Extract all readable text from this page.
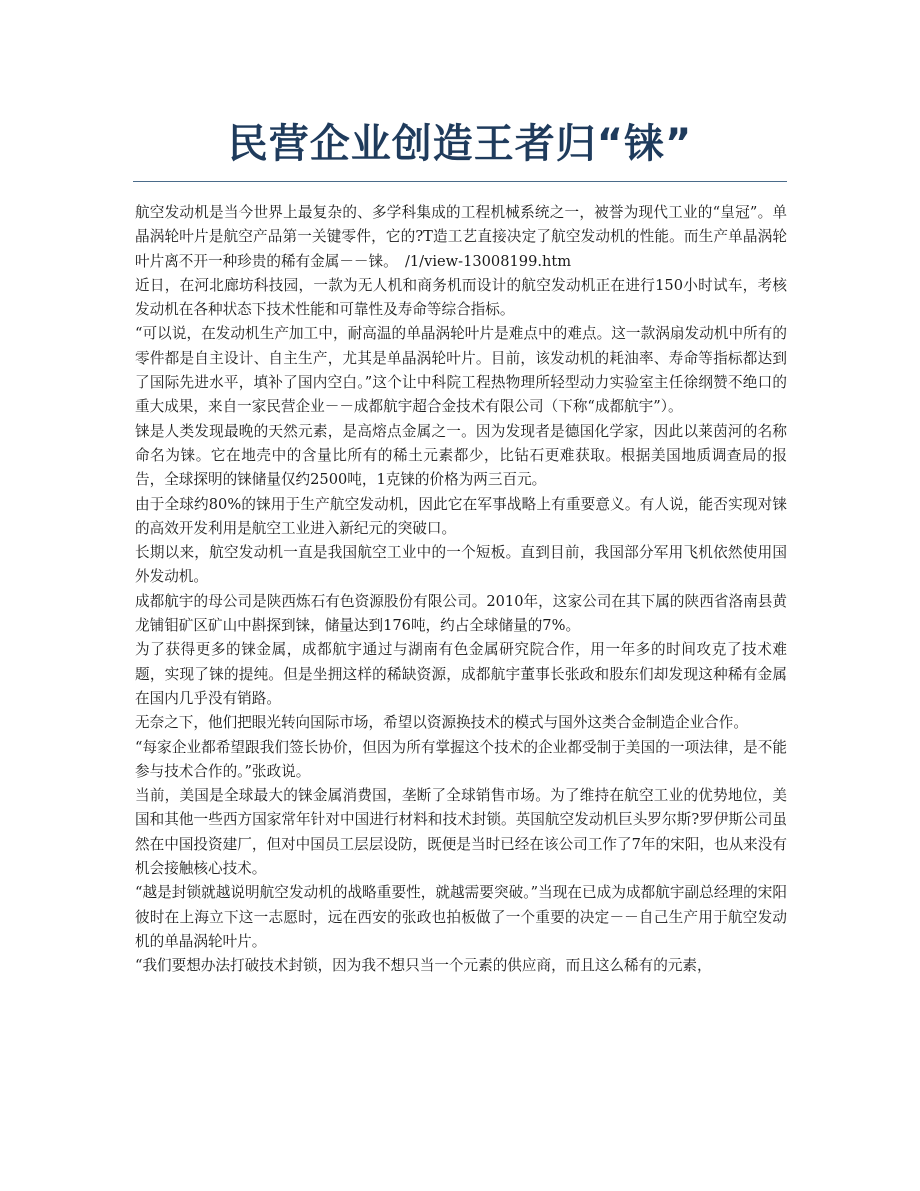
民营企业创造王者归“铼”

航空发动机是当今世界上最复杂的、多学科集成的工程机械系统之一，被誉为现代工业的“皇冠”。单晶涡轮叶片是航空产品第一关键零件，它的?T造工艺直接决定了航空发动机的性能。而生产单晶涡轮叶片离不开一种珍贵的稀有金属－－铼。　/1/view-13008199.htm

近日，在河北廊坊科技园，一款为无人机和商务机而设计的航空发动机正在进行150小时试车，考核发动机在各种状态下技术性能和可靠性及寿命等综合指标。

“可以说，在发动机生产加工中，耐高温的单晶涡轮叶片是难点中的难点。这一款涡扇发动机中所有的零件都是自主设计、自主生产，尤其是单晶涡轮叶片。目前，该发动机的耗油率、寿命等指标都达到了国际先进水平，填补了国内空白。”这个让中科院工程热物理所轻型动力实验室主任徐纲赞不绝口的重大成果，来自一家民营企业－－成都航宇超合金技术有限公司（下称“成都航宇”）。

铼是人类发现最晚的天然元素，是高熔点金属之一。因为发现者是德国化学家，因此以莱茵河的名称命名为铼。它在地壳中的含量比所有的稀土元素都少，比钻石更难获取。根据美国地质调查局的报告，全球探明的铼储量仅约2500吨，1克铼的价格为两三百元。

由于全球约80%的铼用于生产航空发动机，因此它在军事战略上有重要意义。有人说，能否实现对铼的高效开发利用是航空工业进入新纪元的突破口。

长期以来，航空发动机一直是我国航空工业中的一个短板。直到目前，我国部分军用飞机依然使用国外发动机。

成都航宇的母公司是陕西炼石有色资源股份有限公司。2010年，这家公司在其下属的陕西省洛南县黄龙铺钼矿区矿山中斟探到铼，储量达到176吨，约占全球储量的7%。

为了获得更多的铼金属，成都航宇通过与湖南有色金属研究院合作，用一年多的时间攻克了技术难题，实现了铼的提纯。但是坐拥这样的稀缺资源，成都航宇董事长张政和股东们却发现这种稀有金属在国内几乎没有销路。

无奈之下，他们把眼光转向国际市场，希望以资源换技术的模式与国外这类合金制造企业合作。

“每家企业都希望跟我们签长协价，但因为所有掌握这个技术的企业都受制于美国的一项法律，是不能参与技术合作的。”张政说。

当前，美国是全球最大的铼金属消费国，垄断了全球销售市场。为了维持在航空工业的优势地位，美国和其他一些西方国家常年针对中国进行材料和技术封锁。英国航空发动机巨头罗尔斯?罗伊斯公司虽然在中国投资建厂，但对中国员工层层设防，既便是当时已经在该公司工作了7年的宋阳，也从来没有机会接触核心技术。

“越是封锁就越说明航空发动机的战略重要性，就越需要突破。”当现在已成为成都航宇副总经理的宋阳彼时在上海立下这一志愿时，远在西安的张政也拍板做了一个重要的决定－－自己生产用于航空发动机的单晶涡轮叶片。

“我们要想办法打破技术封锁，因为我不想只当一个元素的供应商，而且这么稀有的元素，
